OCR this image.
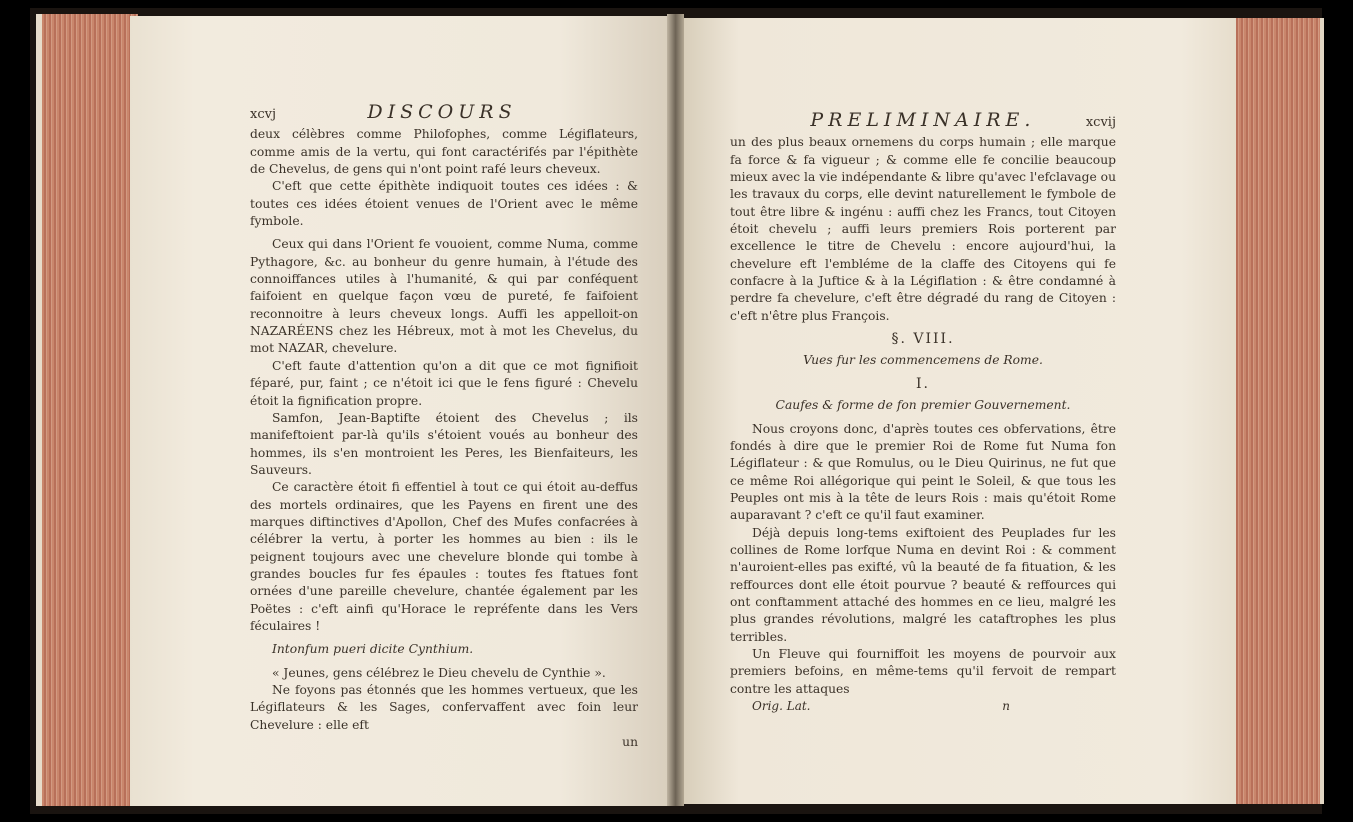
xcvj	DISCOURS

deux célèbres comme Philofophes, comme Légiflateurs, comme amis de la vertu, qui font caractérifés par l'épithète de Chevelus, de gens qui n'ont point rafé leurs cheveux.

C'eft que cette épithète indiquoit toutes ces idées : & toutes ces idées étoient venues de l'Orient avec le même fymbole.

Ceux qui dans l'Orient fe vouoient, comme Numa, comme Pythagore, &c. au bonheur du genre humain, à l'étude des connoiffances utiles à l'humanité, & qui par conféquent faifoient en quelque façon vœu de pureté, fe faifoient reconnoitre à leurs cheveux longs. Auffi les appelloit-on NAZARÉENS chez les Hébreux, mot à mot les Chevelus, du mot NAZAR, chevelure.

C'eft faute d'attention qu'on a dit que ce mot fignifioit féparé, pur, faint ; ce n'étoit ici que le fens figuré : Chevelu étoit la fignification propre.

Samfon, Jean-Baptifte étoient des Chevelus ; ils manifeftoient par-là qu'ils s'étoient voués au bonheur des hommes, ils s'en montroient les Peres, les Bienfaiteurs, les Sauveurs.

Ce caractère étoit fi effentiel à tout ce qui étoit au-deffus des mortels ordinaires, que les Payens en firent une des marques diftinctives d'Apollon, Chef des Mufes confacrées à célébrer la vertu, à porter les hommes au bien : ils le peignent toujours avec une chevelure blonde qui tombe à grandes boucles fur fes épaules : toutes fes ftatues font ornées d'une pareille chevelure, chantée également par les Poëtes : c'eft ainfi qu'Horace le repréfente dans les Vers féculaires !

Intonfum pueri dicite Cynthium.

« Jeunes, gens célébrez le Dieu chevelu de Cynthie ».

Ne foyons pas étonnés que les hommes vertueux, que les Légiflateurs & les Sages, confervaffent avec foin leur Chevelure : elle eft

un
PRELIMINAIRE.	xcvij

un des plus beaux ornemens du corps humain ; elle marque fa force & fa vigueur ; & comme elle fe concilie beaucoup mieux avec la vie indépendante & libre qu'avec l'efclavage ou les travaux du corps, elle devint naturellement le fymbole de tout être libre & ingénu : auffi chez les Francs, tout Citoyen étoit chevelu ; auffi leurs premiers Rois porterent par excellence le titre de Chevelu : encore aujourd'hui, la chevelure eft l'embléme de la claffe des Citoyens qui fe confacre à la Juftice & à la Légiflation : & être condamné à perdre fa chevelure, c'eft être dégradé du rang de Citoyen : c'eft n'être plus François.

§. VIII.

Vues fur les commencemens de Rome.

I.

Caufes & forme de fon premier Gouvernement.

Nous croyons donc, d'après toutes ces obfervations, être fondés à dire que le premier Roi de Rome fut Numa fon Légiflateur : & que Romulus, ou le Dieu Quirinus, ne fut que ce même Roi allégorique qui peint le Soleil, & que tous les Peuples ont mis à la tête de leurs Rois : mais qu'étoit Rome auparavant ? c'eft ce qu'il faut examiner.

Déjà depuis long-tems exiftoient des Peuplades fur les collines de Rome lorfque Numa en devint Roi : & comment n'auroient-elles pas exifté, vû la beauté de fa fituation, & les reffources dont elle étoit pourvue ? beauté & reffources qui ont conftamment attaché des hommes en ce lieu, malgré les plus grandes révolutions, malgré les cataftrophes les plus terribles.

Un Fleuve qui fourniffoit les moyens de pourvoir aux premiers befoins, en même-tems qu'il fervoit de rempart contre les attaques

Orig. Lat.	n
